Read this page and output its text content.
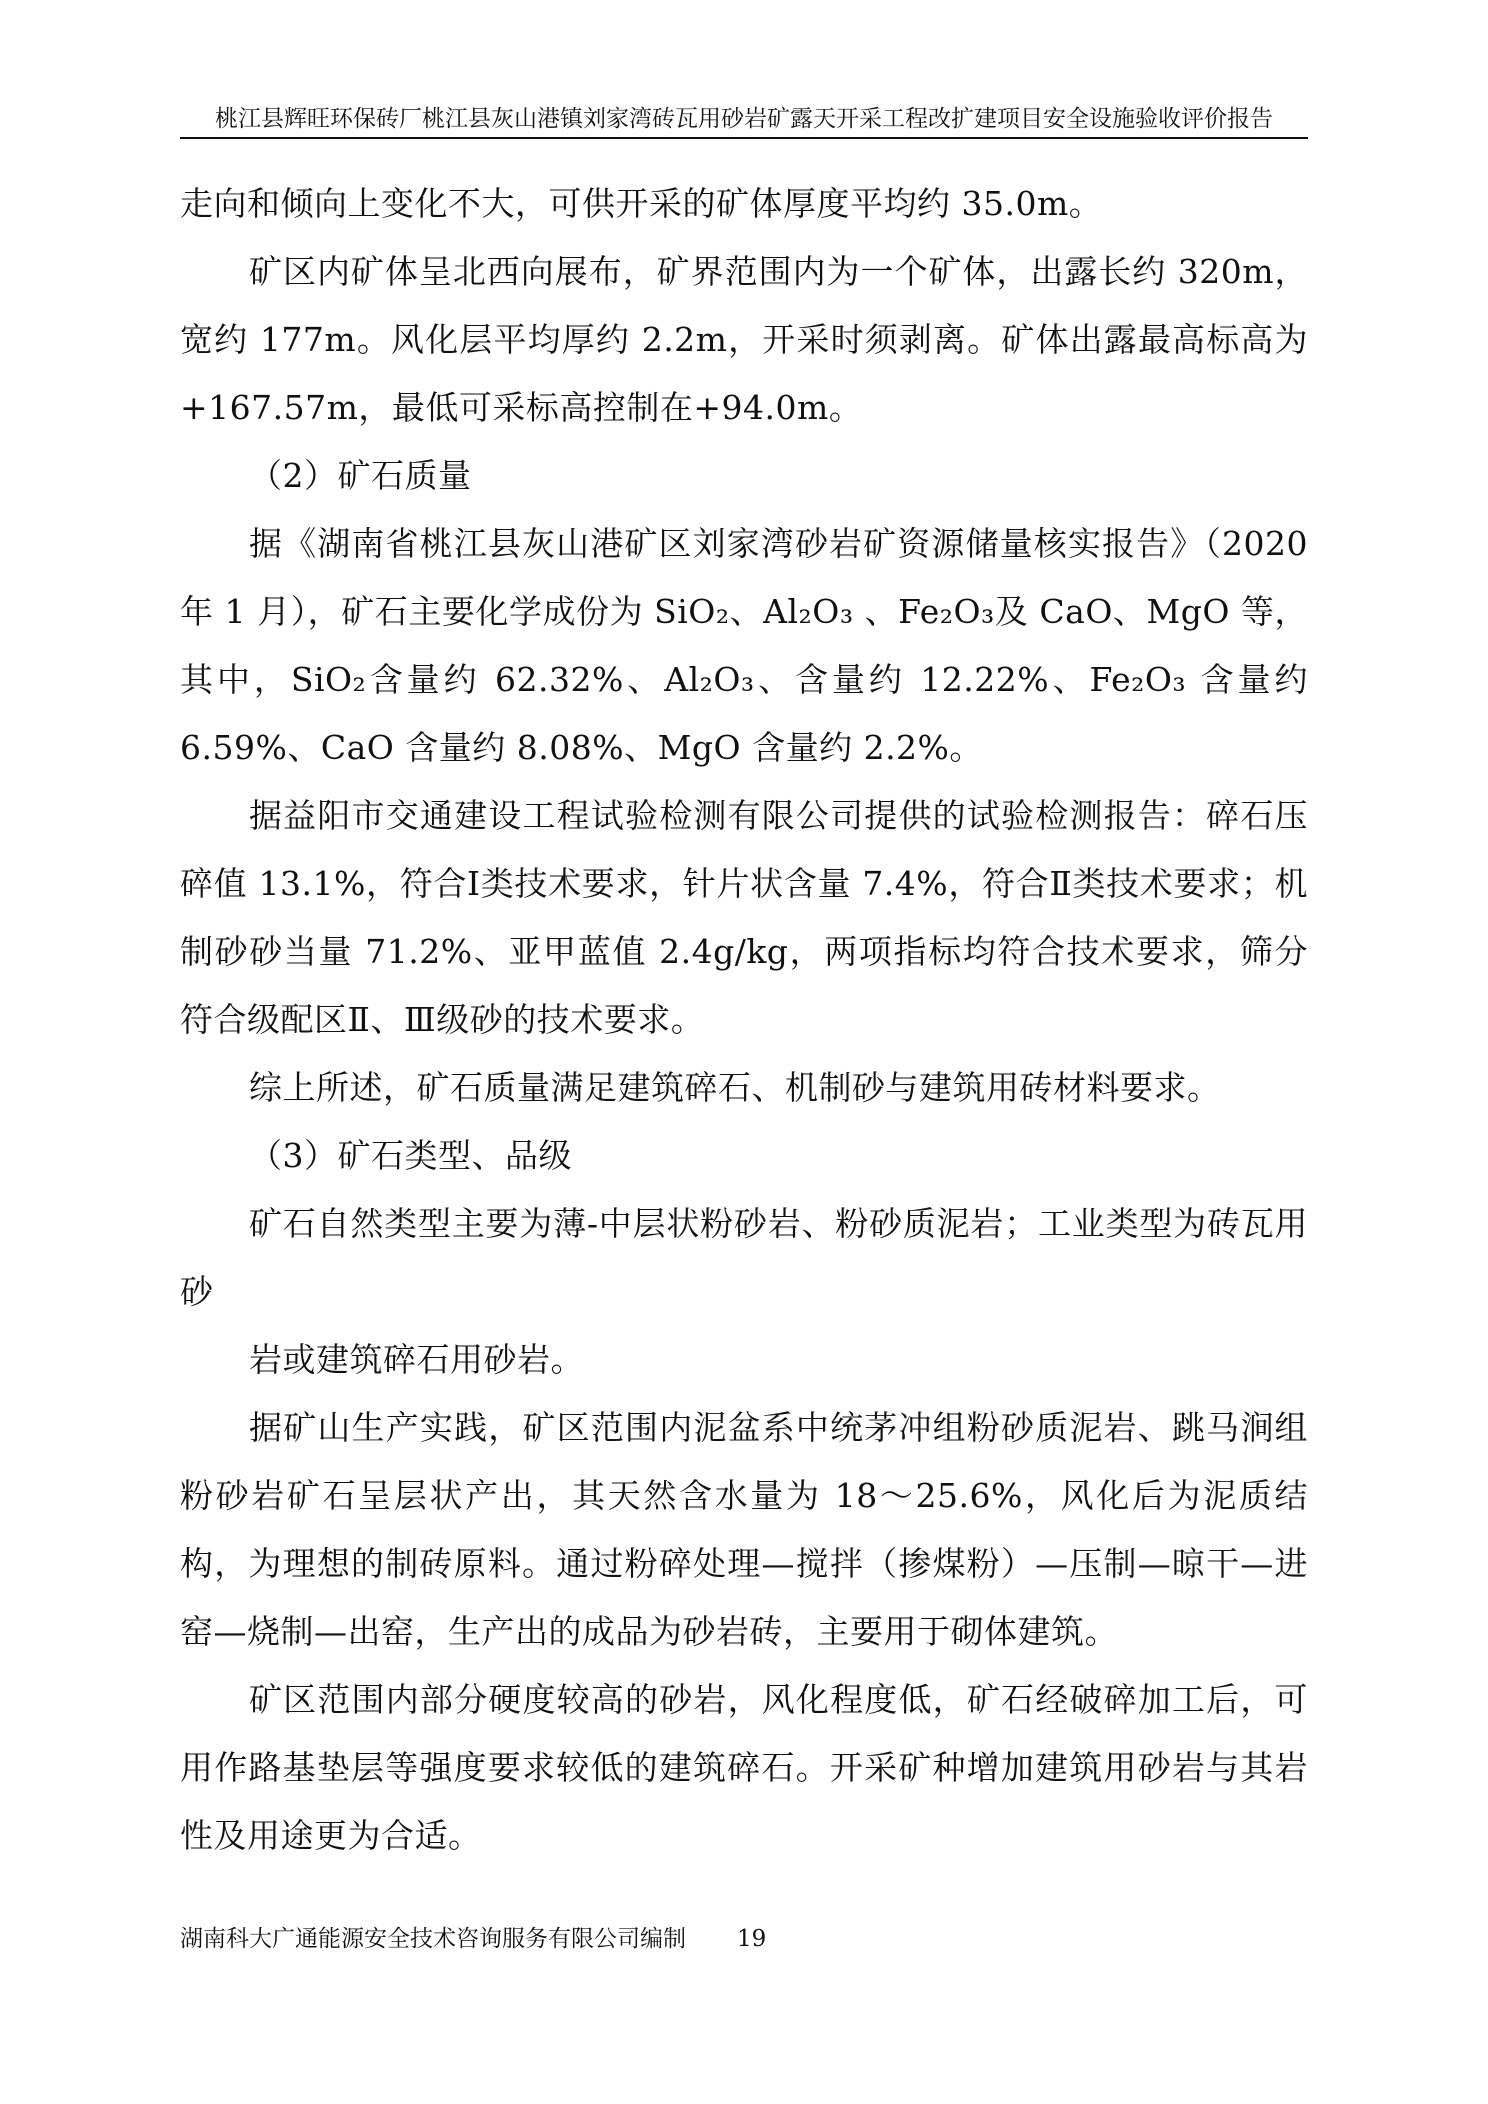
桃江县辉旺环保砖厂桃江县灰山港镇刘家湾砖瓦用砂岩矿露天开采工程改扩建项目安全设施验收评价报告

走向和倾向上变化不大，可供开采的矿体厚度平均约 35.0m。

矿区内矿体呈北西向展布，矿界范围内为一个矿体，出露长约 320m，宽约 177m。风化层平均厚约 2.2m，开采时须剥离。矿体出露最高标高为+167.57m，最低可采标高控制在+94.0m。

（2）矿石质量

据《湖南省桃江县灰山港矿区刘家湾砂岩矿资源储量核实报告》（2020 年 1 月），矿石主要化学成份为 SiO₂、Al₂O₃ 、Fe₂O₃及 CaO、MgO 等，其中，SiO₂含量约 62.32%、Al₂O₃、含量约 12.22%、Fe₂O₃ 含量约 6.59%、CaO 含量约 8.08%、MgO 含量约 2.2%。

据益阳市交通建设工程试验检测有限公司提供的试验检测报告：碎石压碎值 13.1%，符合Ⅰ类技术要求，针片状含量 7.4%，符合Ⅱ类技术要求；机制砂砂当量 71.2%、亚甲蓝值 2.4g/kg，两项指标均符合技术要求，筛分符合级配区Ⅱ、Ⅲ级砂的技术要求。

综上所述，矿石质量满足建筑碎石、机制砂与建筑用砖材料要求。

（3）矿石类型、品级

矿石自然类型主要为薄-中层状粉砂岩、粉砂质泥岩；工业类型为砖瓦用砂

岩或建筑碎石用砂岩。

据矿山生产实践，矿区范围内泥盆系中统茅冲组粉砂质泥岩、跳马涧组粉砂岩矿石呈层状产出，其天然含水量为 18～25.6%，风化后为泥质结构，为理想的制砖原料。通过粉碎处理—搅拌（掺煤粉）—压制—晾干—进窑—烧制—出窑，生产出的成品为砂岩砖，主要用于砌体建筑。

矿区范围内部分硬度较高的砂岩，风化程度低，矿石经破碎加工后，可用作路基垫层等强度要求较低的建筑碎石。开采矿种增加建筑用砂岩与其岩性及用途更为合适。

湖南科大广通能源安全技术咨询服务有限公司编制 19
